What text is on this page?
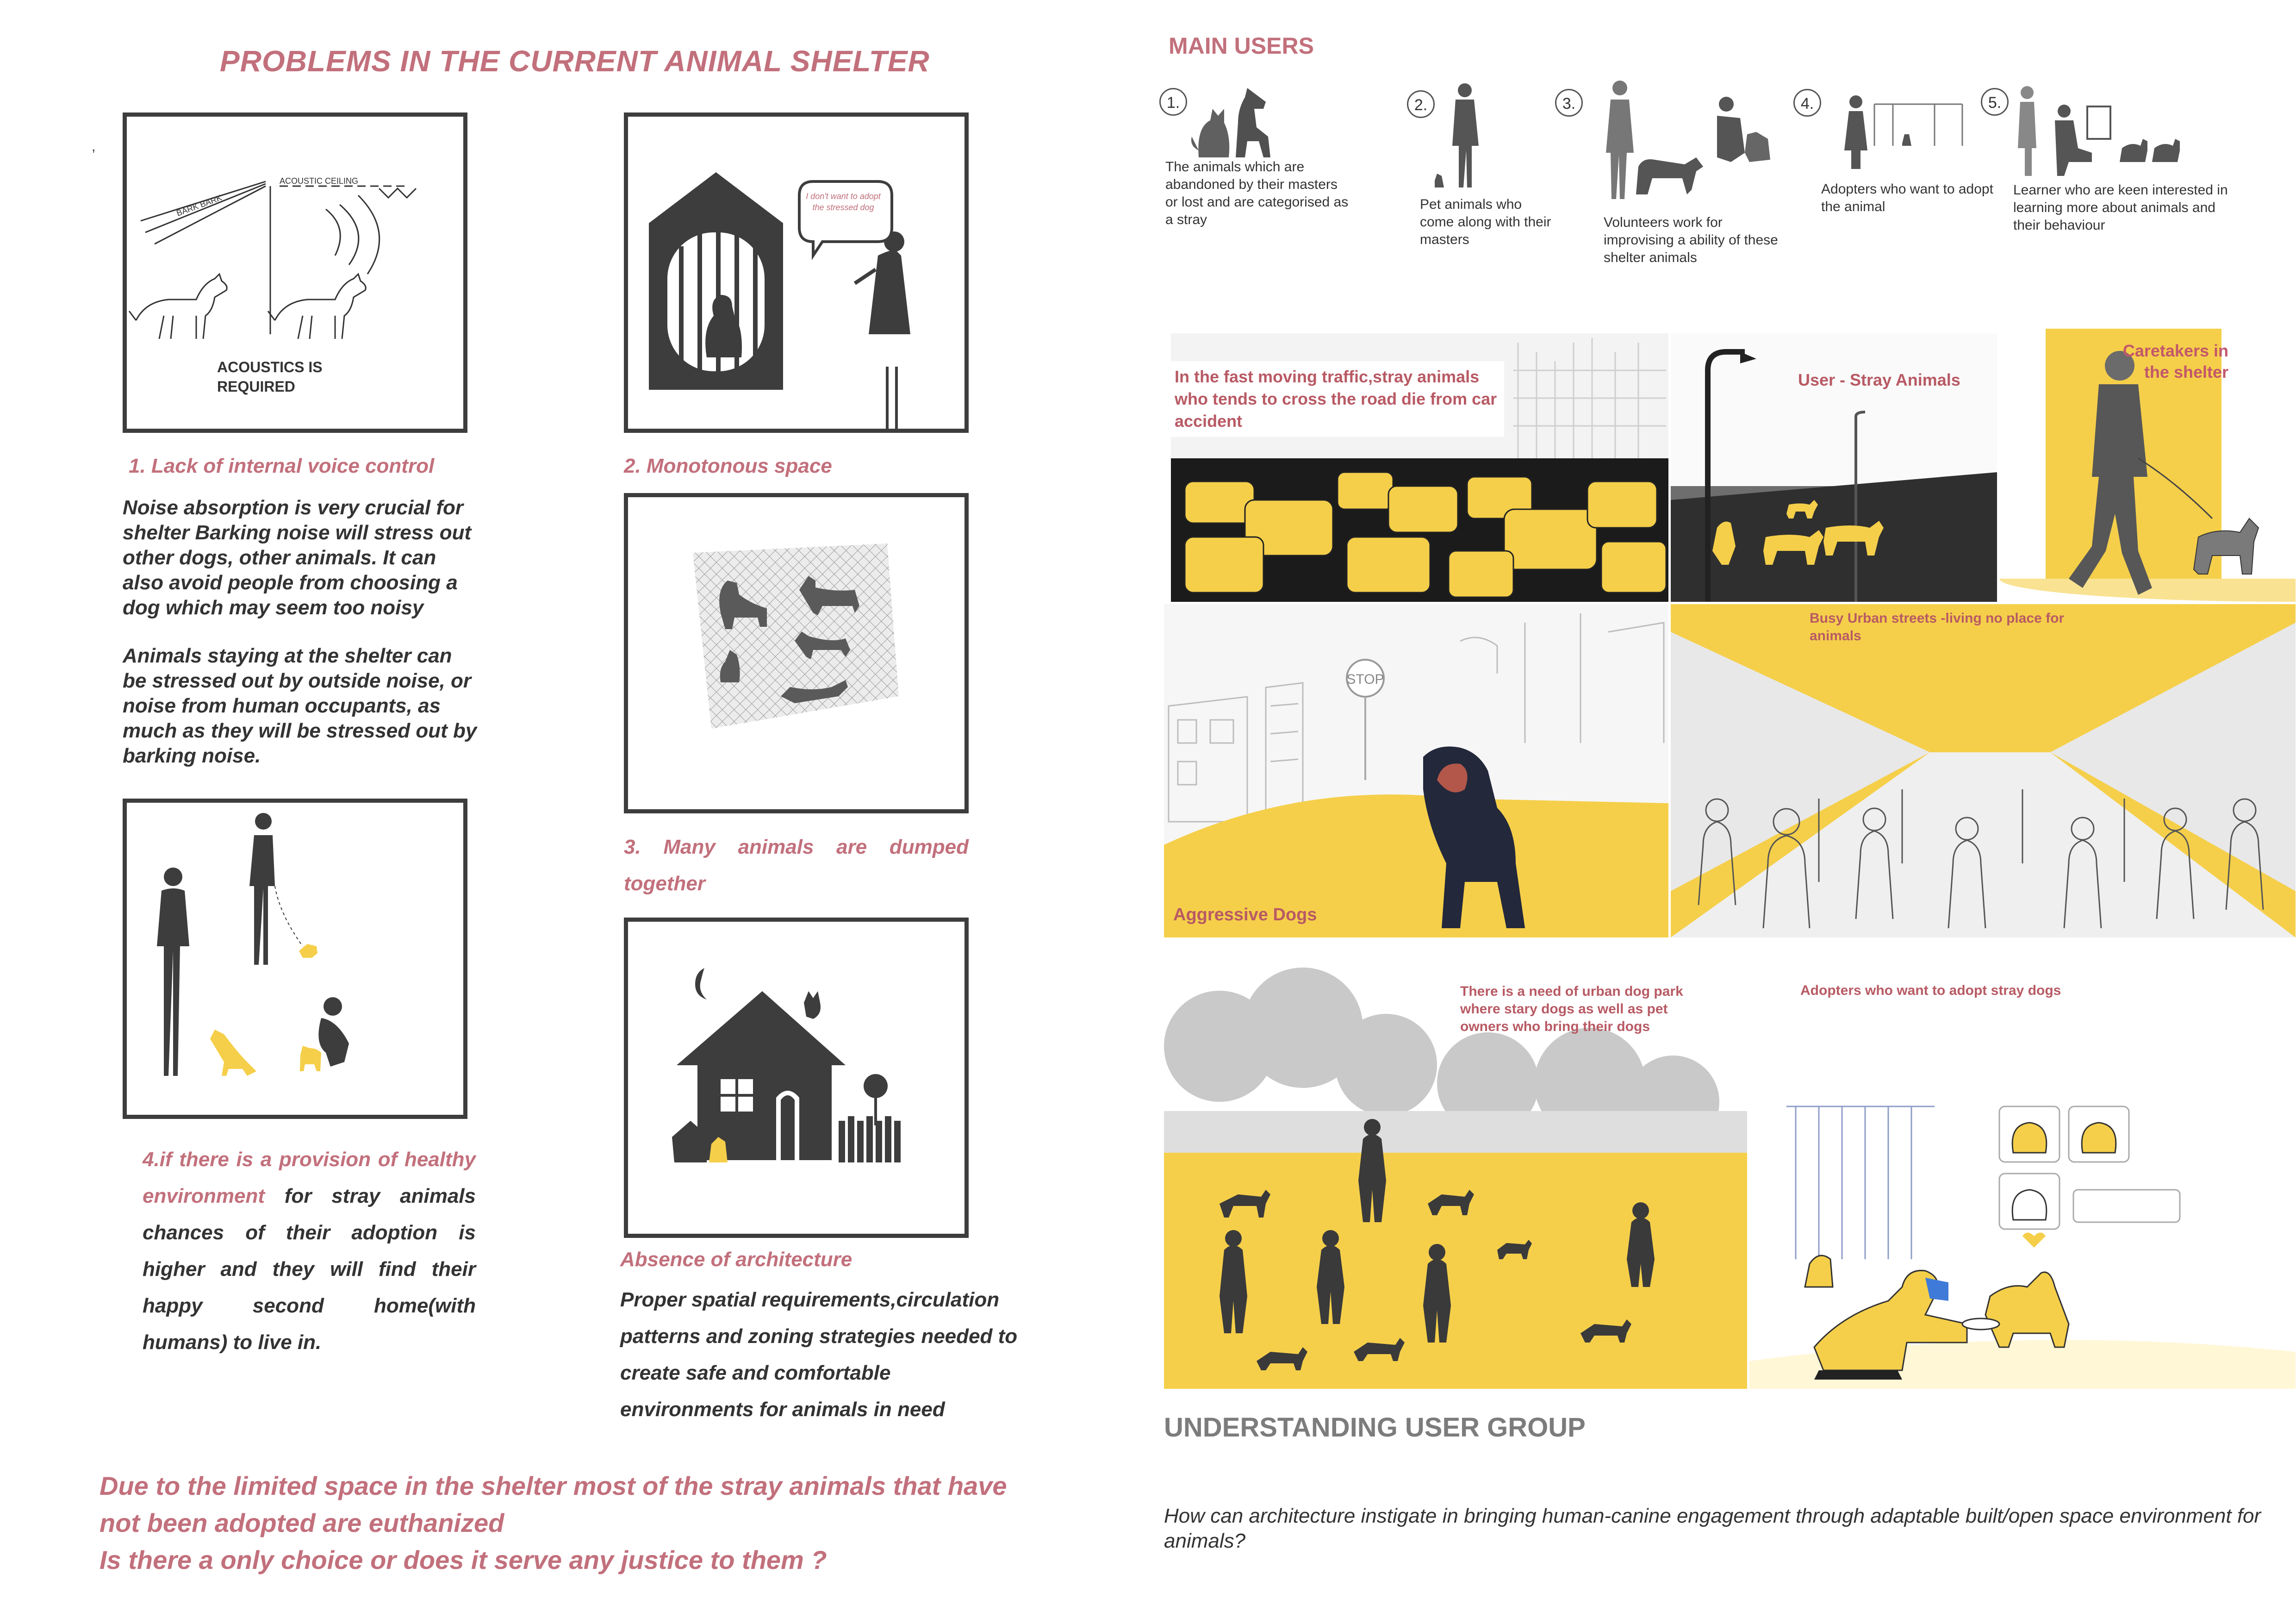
PROBLEMS IN THE CURRENT ANIMAL SHELTER
,
BARK BARK
ACOUSTIC CEILING
ACOUSTICS IS REQUIRED
1. Lack of internal voice control
Noise absorption is very crucial for shelter Barking noise will stress out other dogs, other animals. It can also avoid people from choosing a dog which may seem too noisy
Animals staying at the shelter can be stressed out by outside noise, or noise from human occupants, as much as they will be stressed out by barking noise.
I don't want to adopt the stressed dog
2. Monotonous space
3. Many animals are dumped together
4.if there is a provision of healthy environment for stray animals chances of their adoption is higher and they will find their happy second home(with humans) to live in.
Absence of architecture
Proper spatial requirements,circulation patterns and zoning strategies needed to create safe and comfortable environments for animals in need
Due to the limited space in the shelter most of the stray animals that have
not been adopted are euthanized
Is there a only choice or does it serve any justice to them ?
MAIN USERS
1.
The animals which are abandoned by their masters or lost and are categorised as a stray
2.
Pet animals who come along with their masters
3.
Volunteers work for improvising a ability of these shelter animals
4.
Adopters who want to adopt the animal
5.
Learner who are keen interested in learning more about animals and their behaviour
In the fast moving traffic,stray animals who tends to cross the road die from car accident
User - Stray Animals
Caretakers in the shelter
STOP
Aggressive Dogs
Busy Urban streets -living no place for animals
There is a need of urban dog park where stary dogs as well as pet owners who bring their dogs
Adopters who want to adopt stray dogs
UNDERSTANDING USER GROUP
How can architecture instigate in bringing human-canine engagement through adaptable built/open space environment for animals?
